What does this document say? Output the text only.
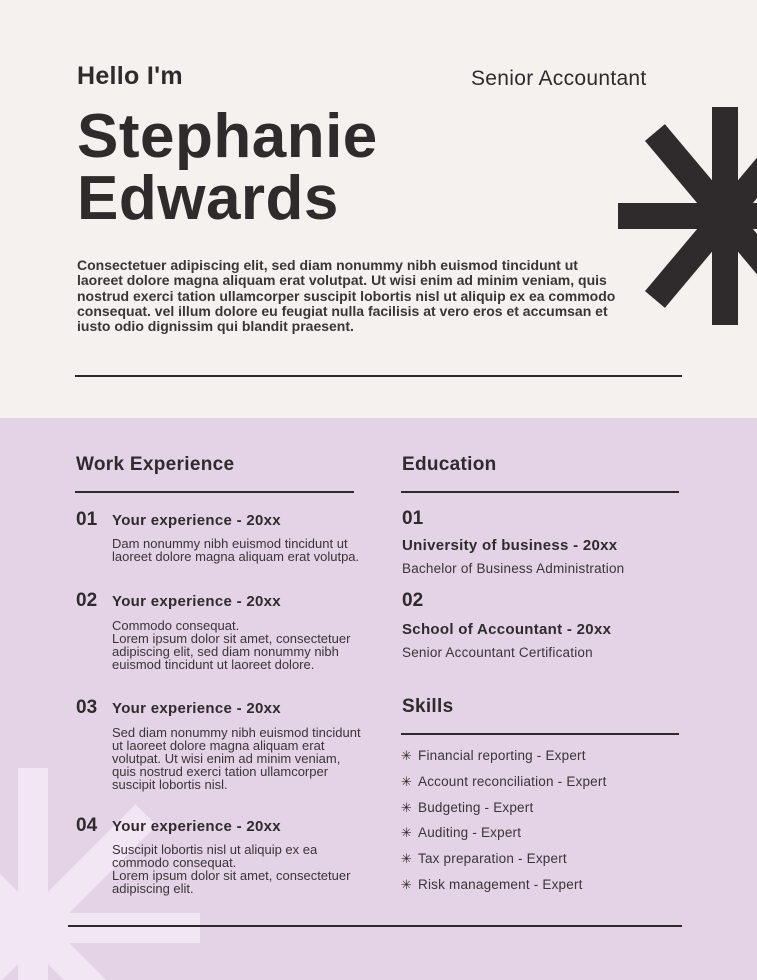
Hello I'm	Senior Accountant
Stephanie
Edwards

Consectetuer adipiscing elit, sed diam nonummy nibh euismod tincidunt ut laoreet dolore magna aliquam erat volutpat. Ut wisi enim ad minim veniam, quis nostrud exerci tation ullamcorper suscipit lobortis nisl ut aliquip ex ea commodo consequat. vel illum dolore eu feugiat nulla facilisis at vero eros et accumsan et iusto odio dignissim qui blandit praesent.

Work Experience
01 Your experience - 20xx

Dam nonummy nibh euismod tincidunt ut laoreet dolore magna aliquam erat volutpa.

02 Your experience - 20xx

Commodo consequat.
Lorem ipsum dolor sit amet, consectetuer adipiscing elit, sed diam nonummy nibh euismod tincidunt ut laoreet dolore.

03 Your experience - 20xx

Sed diam nonummy nibh euismod tincidunt ut laoreet dolore magna aliquam erat volutpat. Ut wisi enim ad minim veniam, quis nostrud exerci tation ullamcorper suscipit lobortis nisl.

04 Your experience - 20xx

Suscipit lobortis nisl ut aliquip ex ea commodo consequat.
Lorem ipsum dolor sit amet, consectetuer adipiscing elit.

Education
01
University of business - 20xx
Bachelor of Business Administration
02
School of Accountant - 20xx
Senior Accountant Certification
Skills
✳ Financial reporting - Expert
✳ Account reconciliation - Expert
✳ Budgeting - Expert
✳ Auditing - Expert
✳ Tax preparation - Expert
✳ Risk management - Expert
